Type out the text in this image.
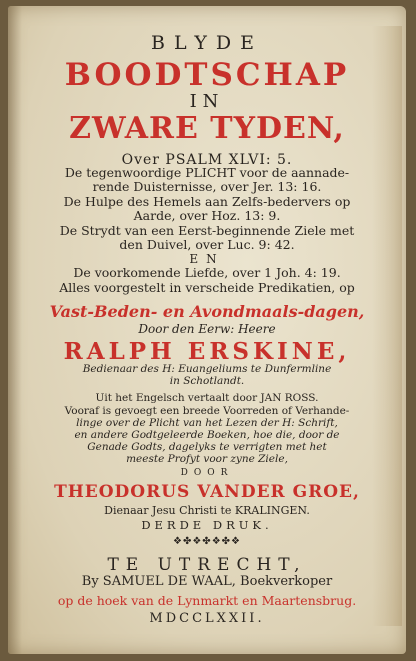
BLYDE
BOODTSCHAP
IN
ZWARE TYDEN,
Over PSALM XLVI: 5.
De tegenwoordige PLICHT voor de aannade-
rende Duisternisse, over Jer. 13: 16.
De Hulpe des Hemels aan Zelfs-bedervers op
Aarde, over Hoz. 13: 9.
De Strydt van een Eerst-beginnende Ziele met
den Duivel, over Luc. 9: 42.
EN
De voorkomende Liefde, over 1 Joh. 4: 19.
Alles voorgestelt in verscheide Predikatien, op
Vast-Beden- en Avondmaals-dagen,
Door den Eerw: Heere
RALPH ERSKINE,
Bedienaar des H: Euangeliums te Dunfermline
in Schotlandt.
Uit het Engelsch vertaalt door JAN ROSS.
Vooraf is gevoegt een breede Voorreden of Verhande-
linge over de Plicht van het Lezen der H: Schrift,
en andere Godtgeleerde Boeken, hoe die, door de
Genade Godts, dagelyks te verrigten met het
meeste Profyt voor zyne Ziele,
DOOR
THEODORUS VANDER GROE,
Dienaar Jesu Christi te KRALINGEN.
DERDE DRUK.
❖✤❖✤❖✤❖
TE UTRECHT,
By SAMUEL DE WAAL, Boekverkoper
op de hoek van de Lynmarkt en Maartensbrug.
MDCCLXXII.
